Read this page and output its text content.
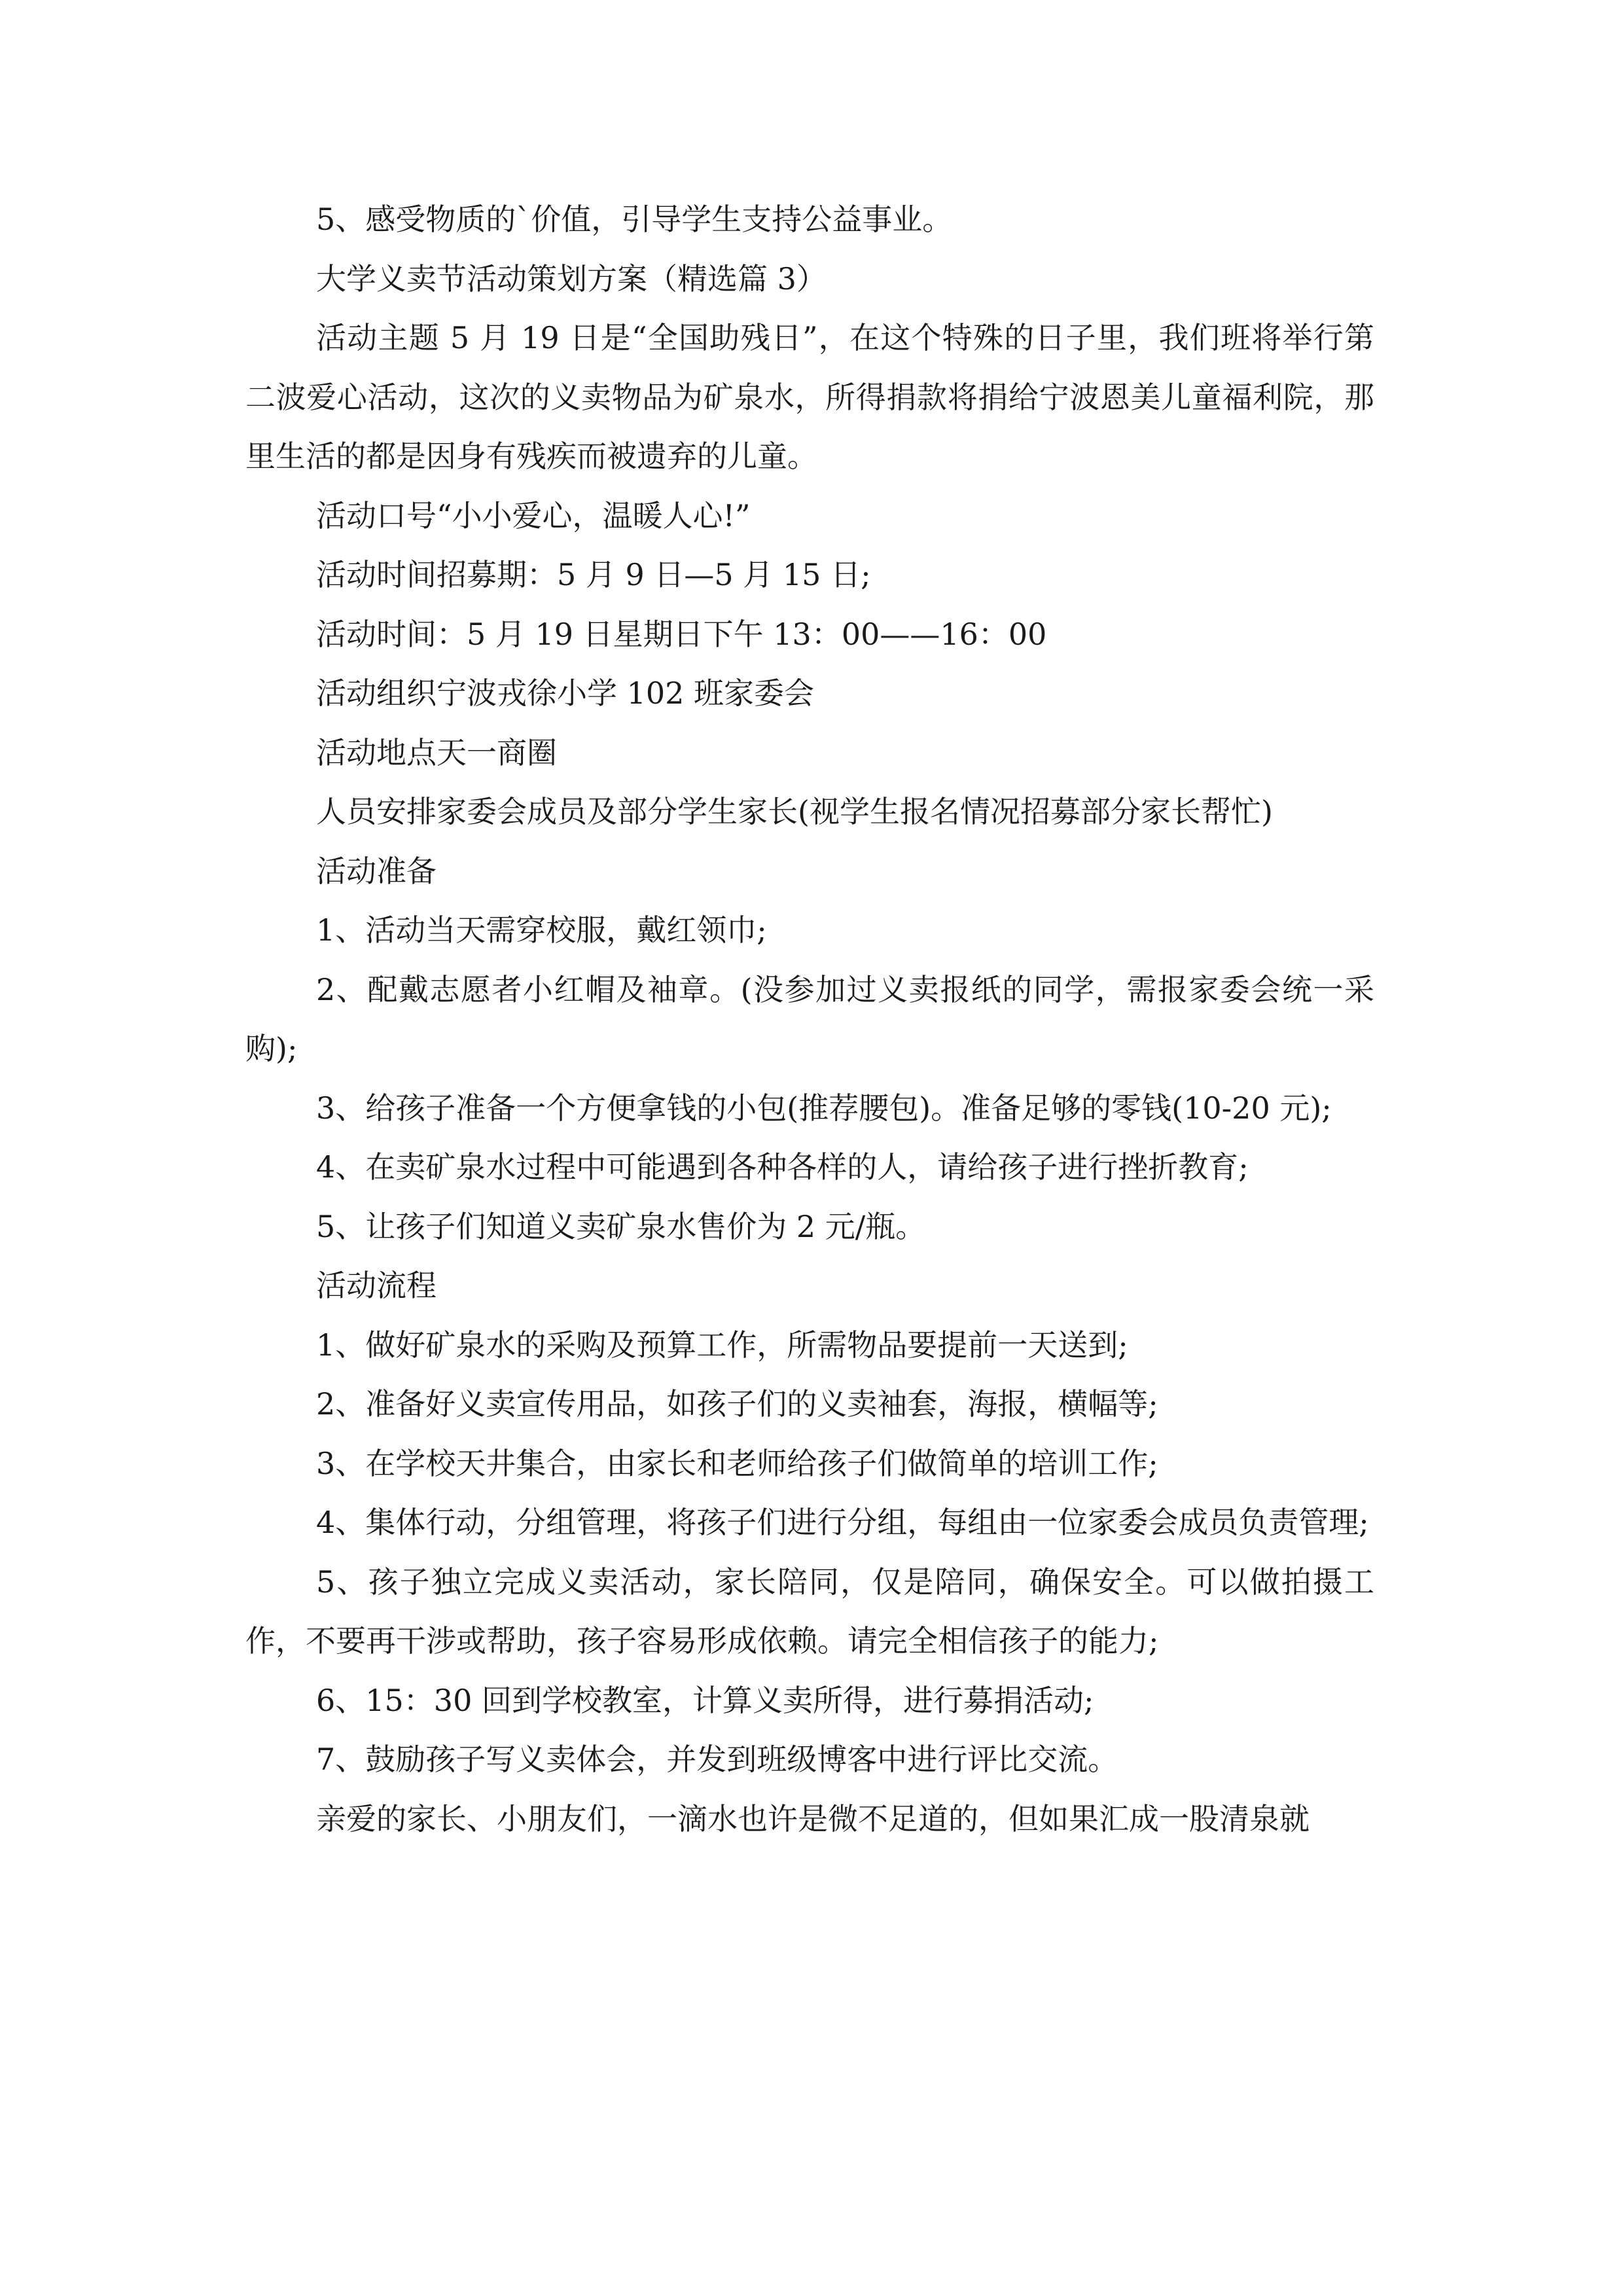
5、感受物质的`价值，引导学生支持公益事业。

大学义卖节活动策划方案（精选篇 3）

活动主题 5 月 19 日是“全国助残日”，在这个特殊的日子里，我们班将举行第二波爱心活动，这次的义卖物品为矿泉水，所得捐款将捐给宁波恩美儿童福利院，那里生活的都是因身有残疾而被遗弃的儿童。

活动口号“小小爱心，温暖人心!”

活动时间招募期：5 月 9 日—5 月 15 日;

活动时间：5 月 19 日星期日下午 13：00——16：00

活动组织宁波戎徐小学 102 班家委会

活动地点天一商圈

人员安排家委会成员及部分学生家长(视学生报名情况招募部分家长帮忙)

活动准备

1、活动当天需穿校服，戴红领巾;

2、配戴志愿者小红帽及袖章。(没参加过义卖报纸的同学，需报家委会统一采购);

3、给孩子准备一个方便拿钱的小包(推荐腰包)。准备足够的零钱(10-20 元);

4、在卖矿泉水过程中可能遇到各种各样的人，请给孩子进行挫折教育;

5、让孩子们知道义卖矿泉水售价为 2 元/瓶。

活动流程

1、做好矿泉水的采购及预算工作，所需物品要提前一天送到;

2、准备好义卖宣传用品，如孩子们的义卖袖套，海报，横幅等;

3、在学校天井集合，由家长和老师给孩子们做简单的培训工作;

4、集体行动，分组管理，将孩子们进行分组，每组由一位家委会成员负责管理;

5、孩子独立完成义卖活动，家长陪同，仅是陪同，确保安全。可以做拍摄工作，不要再干涉或帮助，孩子容易形成依赖。请完全相信孩子的能力;

6、15：30 回到学校教室，计算义卖所得，进行募捐活动;

7、鼓励孩子写义卖体会，并发到班级博客中进行评比交流。

亲爱的家长、小朋友们，一滴水也许是微不足道的，但如果汇成一股清泉就
